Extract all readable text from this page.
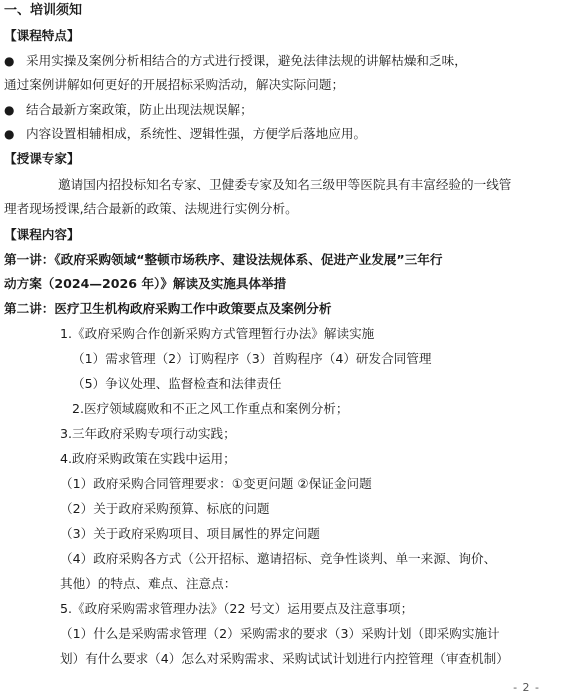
一、培训须知
【课程特点】
● 采用实操及案例分析相结合的方式进行授课，避免法律法规的讲解枯燥和乏味，
通过案例讲解如何更好的开展招标采购活动，解决实际问题；
● 结合最新方案政策，防止出现法规误解；
● 内容设置相辅相成，系统性、逻辑性强，方便学后落地应用。
【授课专家】
邀请国内招投标知名专家、卫健委专家及知名三级甲等医院具有丰富经验的一线管
理者现场授课,结合最新的政策、法规进行实例分析。
【课程内容】
第一讲：《政府采购领域“整顿市场秩序、建设法规体系、促进产业发展”三年行
动方案（2024—2026 年）》解读及实施具体举措
第二讲：医疗卫生机构政府采购工作中政策要点及案例分析
1.《政府采购合作创新采购方式管理暂行办法》解读实施
（1）需求管理（2）订购程序（3）首购程序（4）研发合同管理
（5）争议处理、监督检查和法律责任
2.医疗领域腐败和不正之风工作重点和案例分析；
3.三年政府采购专项行动实践；
4.政府采购政策在实践中运用；
（1）政府采购合同管理要求：①变更问题 ②保证金问题
（2）关于政府采购预算、标底的问题
（3）关于政府采购项目、项目属性的界定问题
（4）政府采购各方式（公开招标、邀请招标、竞争性谈判、单一来源、询价、
其他）的特点、难点、注意点：
5.《政府采购需求管理办法》（22 号文）运用要点及注意事项；
（1）什么是采购需求管理（2）采购需求的要求（3）采购计划（即采购实施计
划）有什么要求（4）怎么对采购需求、采购试试计划进行内控管理（审查机制）
- 2 -
